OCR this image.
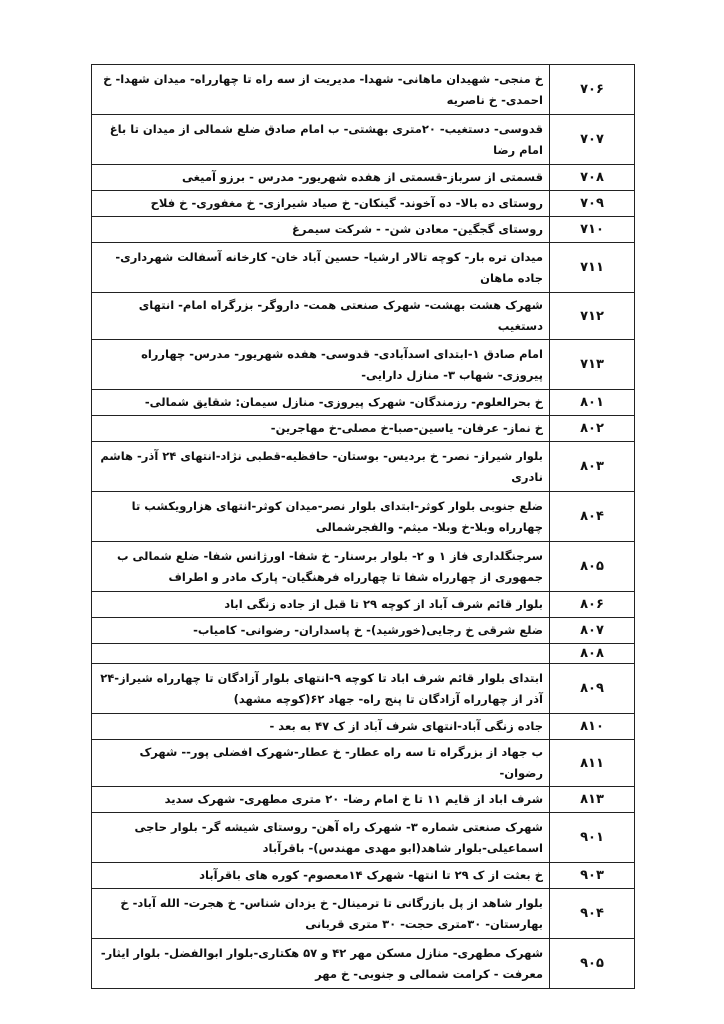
۷۰۶	خ منجی- شهیدان ماهانی- شهدا- مدیریت از سه راه تا چهارراه- میدان شهدا- خ احمدی- خ ناصریه
۷۰۷	قدوسی- دستغیب- ۲۰متری بهشتی- ب امام صادق ضلع شمالی از میدان تا باغ امام رضا
۷۰۸	قسمتی از سرباز-قسمتی از هفده شهریور- مدرس - برزو آمیغی
۷۰۹	روستای ده بالا- ده آخوند- گینکان- خ صیاد شیرازی- خ مغفوری- خ فلاح
۷۱۰	روستای گجگین- معادن شن- - شرکت سیمرغ
۷۱۱	میدان تره بار- کوچه تالار ارشیا- حسین آباد خان- کارخانه آسفالت شهرداری- جاده ماهان
۷۱۲	شهرک هشت بهشت- شهرک صنعتی همت- داروگر- بزرگراه امام- انتهای دستغیب
۷۱۳	امام صادق ۱-ابتدای اسدآبادی- قدوسی- هفده شهریور- مدرس- چهارراه پیروزی- شهاب ۳- منازل دارایی-
۸۰۱	خ بحرالعلوم- رزمندگان- شهرک پیروزی- منازل سیمان: شقایق شمالی-
۸۰۲	خ نماز- عرفان- یاسین-صبا-خ مصلی-خ مهاجرین-
۸۰۳	بلوار شیراز- نصر- خ بردیس- بوستان- حافظیه-قطبی نژاد-انتهای ۲۴ آذر- هاشم نادری
۸۰۴	ضلع جنوبی بلوار کوثر-ابتدای بلوار نصر-میدان کوثر-انتهای هزارویکشب تا چهارراه وبلا-خ وبلا- میثم- والفجرشمالی
۸۰۵	سرجنگلداری فاز ۱ و ۲- بلوار برسنار- خ شفا- اورژانس شفا- ضلع شمالی ب جمهوری از چهارراه شفا تا چهارراه فرهنگیان- پارک مادر و اطراف
۸۰۶	بلوار قائم شرف آباد از کوچه ۲۹ تا قبل از جاده زنگی اباد
۸۰۷	ضلع شرقی خ رجایی(خورشید)- خ پاسداران- رضوانی- کامیاب-
۸۰۸	
۸۰۹	ابتدای بلوار قائم شرف اباد تا کوچه ۹-انتهای بلوار آزادگان تا چهارراه شیراز-۲۴ آذر از چهارراه آزادگان تا پنج راه- جهاد ۶۲(کوچه مشهد)
۸۱۰	جاده زنگی آباد-انتهای شرف آباد از ک ۴۷ به بعد -
۸۱۱	ب جهاد از بزرگراه تا سه راه عطار- خ عطار-شهرک افضلی پور-- شهرک رضوان-
۸۱۳	شرف اباد از قایم ۱۱ تا خ امام رضا- ۲۰ متری مطهری- شهرک سدید
۹۰۱	شهرک صنعتی شماره ۳- شهرک راه آهن- روستای شیشه گر- بلوار حاجی اسماعیلی-بلوار شاهد(ابو مهدی مهندس)- باقرآباد
۹۰۳	خ بعثت از ک ۲۹ تا انتها- شهرک ۱۴معصوم- کوره های باقرآباد
۹۰۴	بلوار شاهد از پل بازرگانی تا ترمینال- خ یزدان شناس- خ هجرت- الله آباد- خ بهارستان- ۳۰متری حجت- ۳۰ متری قربانی
۹۰۵	شهرک مطهری- منازل مسکن مهر ۴۲ و ۵۷ هکتاری-بلوار ابوالفضل- بلوار ایثار- معرفت - کرامت شمالی و جنوبی- خ مهر
